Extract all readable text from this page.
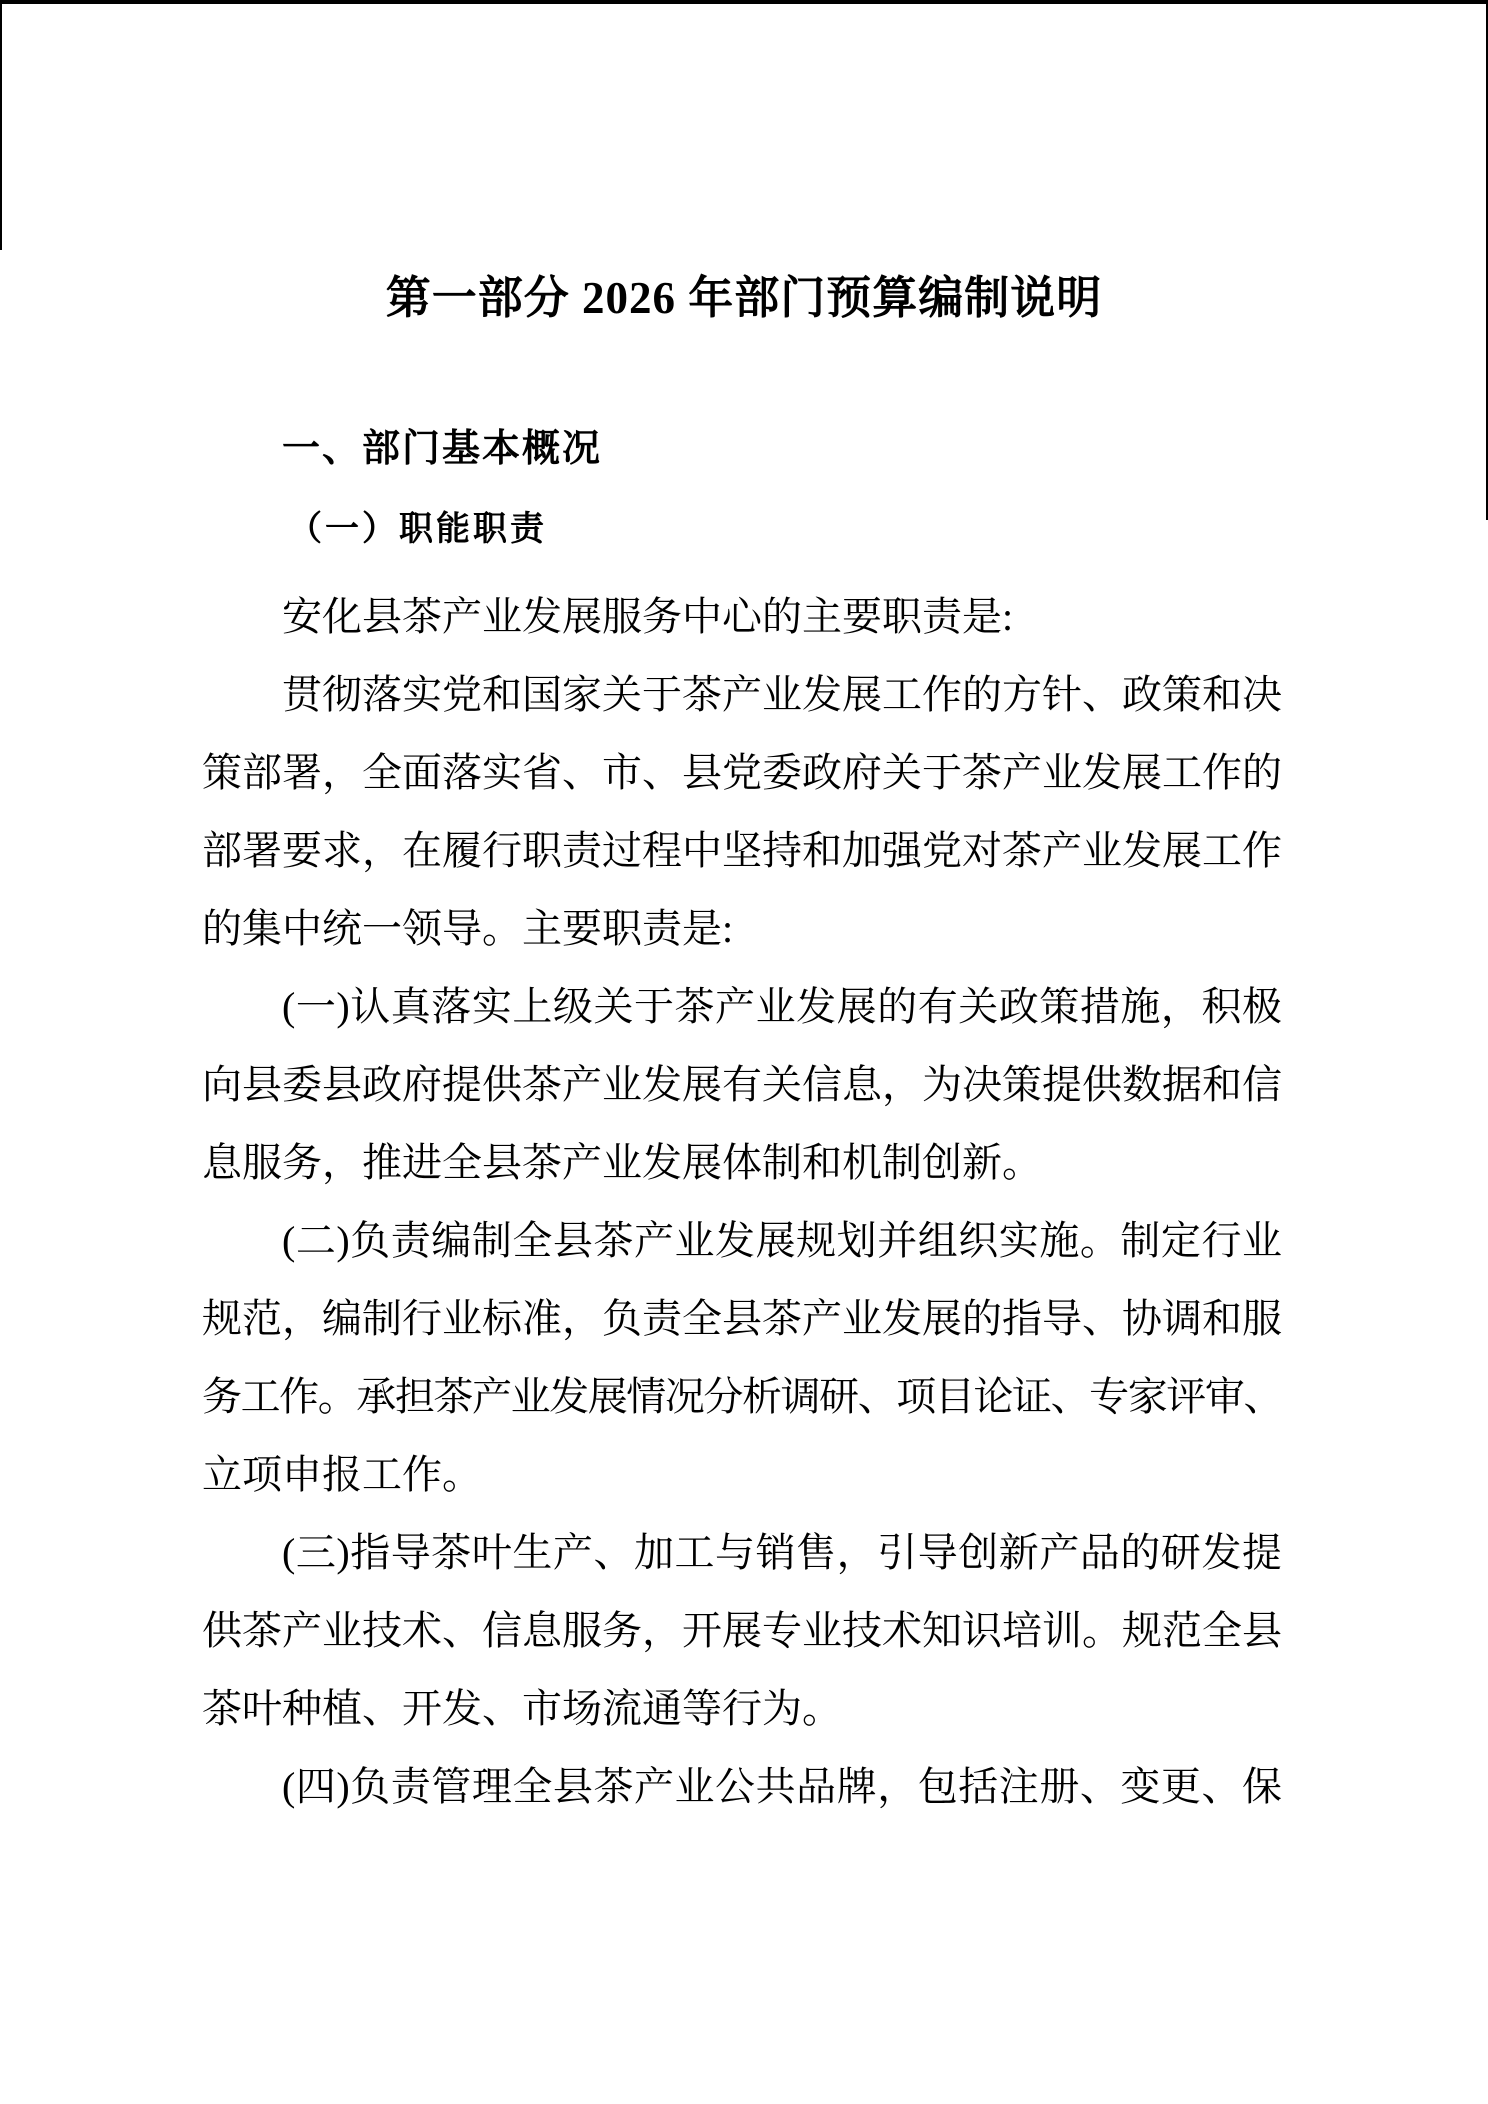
第一部分 2026 年部门预算编制说明
一、部门基本概况
（一）职能职责
安化县茶产业发展服务中心的主要职责是:
贯彻落实党和国家关于茶产业发展工作的方针、政策和决
策部署，全面落实省、市、县党委政府关于茶产业发展工作的
部署要求，在履行职责过程中坚持和加强党对茶产业发展工作
的集中统一领导。主要职责是:
(一)认真落实上级关于茶产业发展的有关政策措施，积极
向县委县政府提供茶产业发展有关信息，为决策提供数据和信
息服务，推进全县茶产业发展体制和机制创新。
(二)负责编制全县茶产业发展规划并组织实施。制定行业
规范，编制行业标准，负责全县茶产业发展的指导、协调和服
务工作。承担茶产业发展情况分析调研、项目论证、专家评审、
立项申报工作。
(三)指导茶叶生产、加工与销售，引导创新产品的研发提
供茶产业技术、信息服务，开展专业技术知识培训。规范全县
茶叶种植、开发、市场流通等行为。
(四)负责管理全县茶产业公共品牌，包括注册、变更、保
